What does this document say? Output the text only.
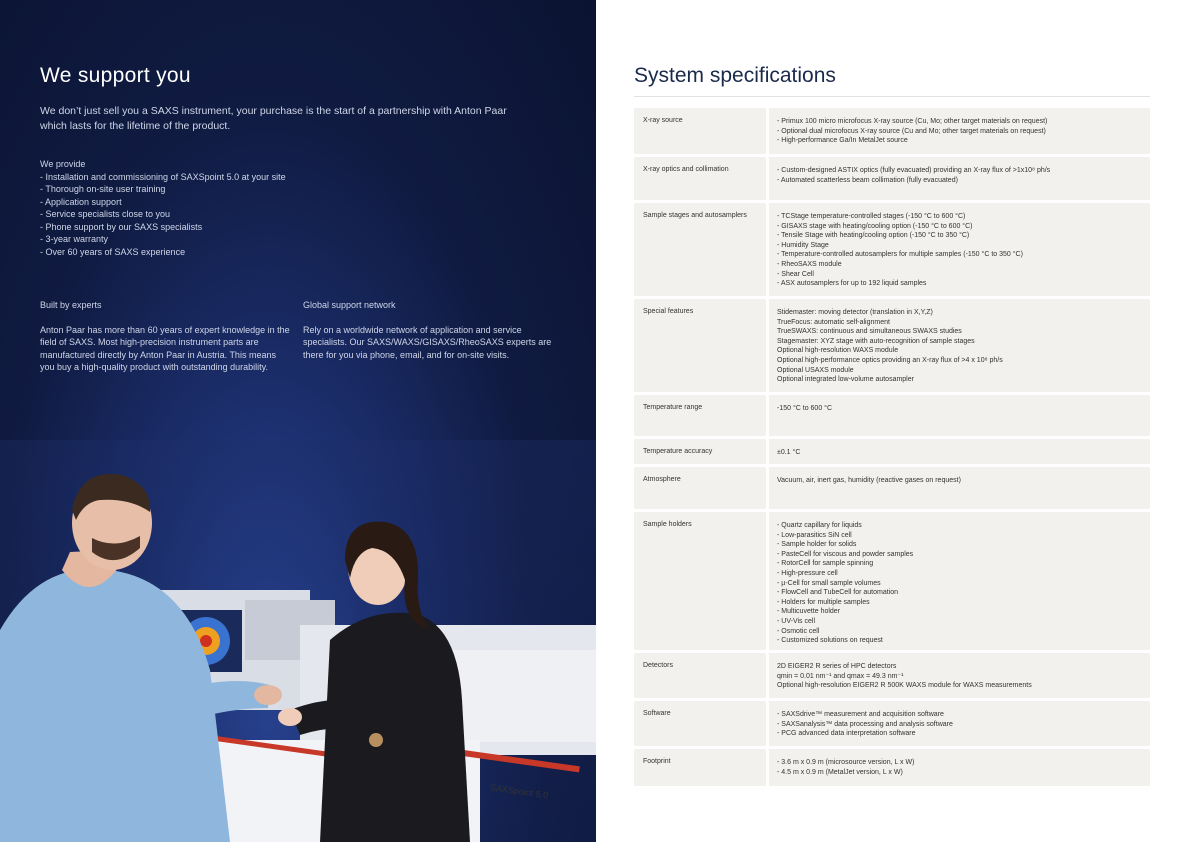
We support you
We don’t just sell you a SAXS instrument, your purchase is the start of a partnership with Anton Paar which lasts for the lifetime of the product.
We provide
- Installation and commissioning of SAXSpoint 5.0 at your site
- Thorough on-site user training
- Application support
- Service specialists close to you
- Phone support by our SAXS specialists
- 3-year warranty
- Over 60 years of SAXS experience
Built by experts
Anton Paar has more than 60 years of expert knowledge in the field of SAXS. Most high-precision instrument parts are manufactured directly by Anton Paar in Austria. This means you buy a high-quality product with outstanding durability.
Global support network
Rely on a worldwide network of application and service specialists. Our SAXS/WAXS/GISAXS/RheoSAXS experts are there for you via phone, email, and for on-site visits.
SAXSpoint 5.0
System specifications
X-ray source	- Primux 100 micro microfocus X-ray source (Cu, Mo; other target materials on request)
- Optional dual microfocus X-ray source (Cu and Mo; other target materials on request)
- High-performance Ga/In MetalJet source
X-ray optics and collimation	- Custom-designed ASTIX optics (fully evacuated) providing an X-ray flux of >1x10⁸ ph/s
- Automated scatterless beam collimation (fully evacuated)
Sample stages and autosamplers	- TCStage temperature-controlled stages (-150 °C to 600 °C)
- GISAXS stage with heating/cooling option (-150 °C to 600 °C)
- Tensile Stage with heating/cooling option (-150 °C to 350 °C)
- Humidity Stage
- Temperature-controlled autosamplers for multiple samples (-150 °C to 350 °C)
- RheoSAXS module
- Shear Cell
- ASX autosamplers for up to 192 liquid samples
Special features	Stidemaster: moving detector (translation in X,Y,Z)
TrueFocus: automatic self-alignment
TrueSWAXS: continuous and simultaneous SWAXS studies
Stagemaster: XYZ stage with auto-recognition of sample stages
Optional high-resolution WAXS module
Optional high-performance optics providing an X-ray flux of >4 x 10⁸ ph/s
Optional USAXS module
Optional integrated low-volume autosampler
Temperature range	-150 °C to 600 °C
Temperature accuracy	±0.1 °C
Atmosphere	Vacuum, air, inert gas, humidity (reactive gases on request)
Sample holders	- Quartz capillary for liquids
- Low-parasitics SiN cell
- Sample holder for solids
- PasteCell for viscous and powder samples
- RotorCell for sample spinning
- High-pressure cell
- µ-Cell for small sample volumes
- FlowCell and TubeCell for automation
- Holders for multiple samples
- Multicuvette holder
- UV-Vis cell
- Osmotic cell
- Customized solutions on request
Detectors	2D EIGER2 R series of HPC detectors
qmin = 0.01 nm⁻¹ and qmax = 49.3 nm⁻¹
Optional high-resolution EIGER2 R 500K WAXS module for WAXS measurements
Software	- SAXSdrive™ measurement and acquisition software
- SAXSanalysis™ data processing and analysis software
- PCG advanced data interpretation software
Footprint	- 3.6 m x 0.9 m (microsource version, L x W)
- 4.5 m x 0.9 m (MetalJet version, L x W)
